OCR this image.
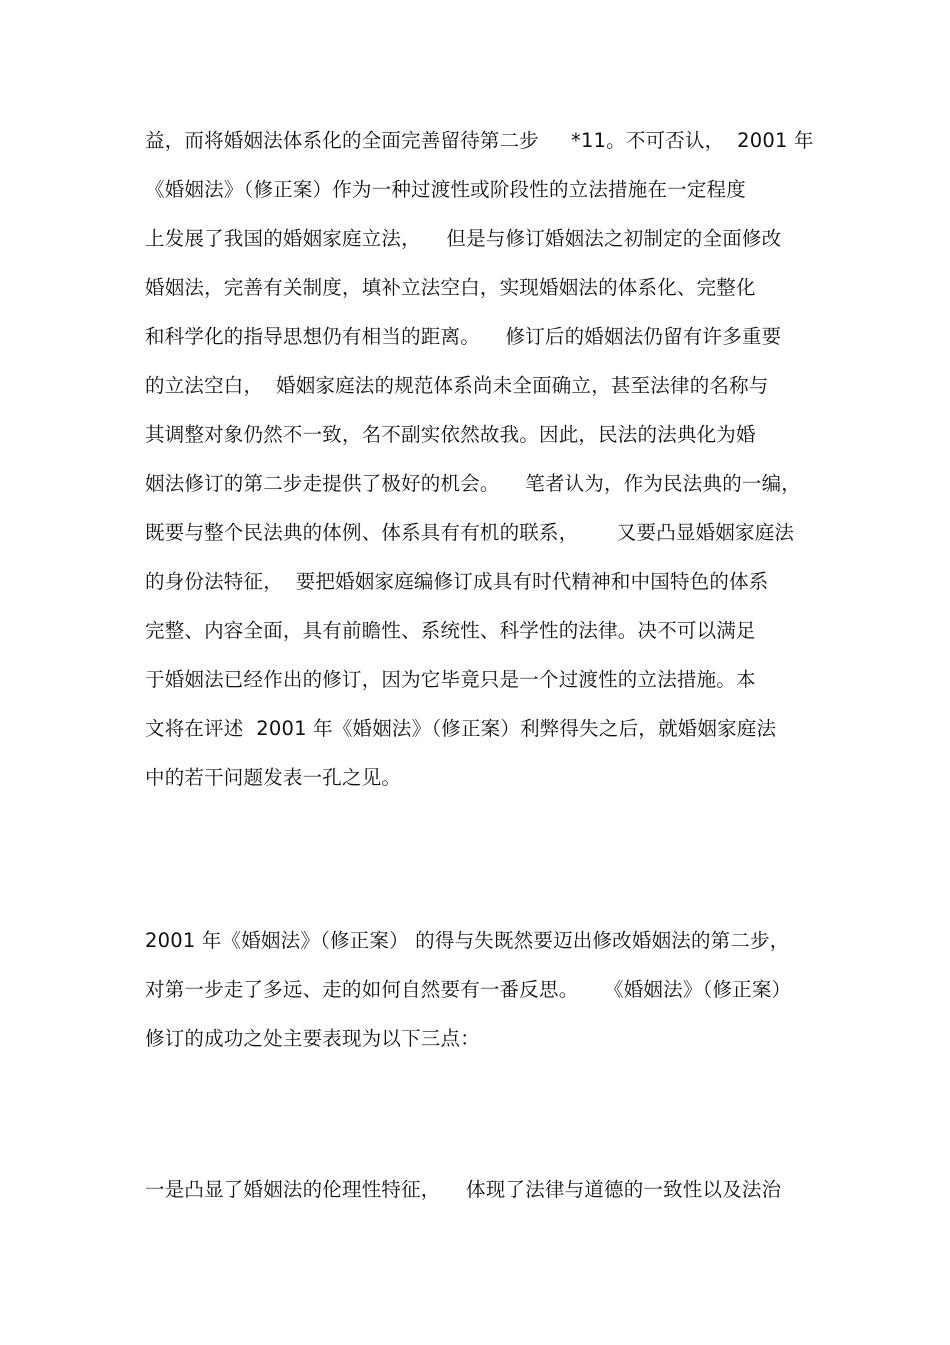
益，而将婚姻法体系化的全面完善留待第二步     *11。不可否认，  2001 年
《婚姻法》（修正案）作为一种过渡性或阶段性的立法措施在一定程度
上发展了我国的婚姻家庭立法，    但是与修订婚姻法之初制定的全面修改
婚姻法，完善有关制度，填补立法空白，实现婚姻法的体系化、完整化
和科学化的指导思想仍有相当的距离。    修订后的婚姻法仍留有许多重要
的立法空白，  婚姻家庭法的规范体系尚未全面确立，甚至法律的名称与
其调整对象仍然不一致，名不副实依然故我。因此，民法的法典化为婚
姻法修订的第二步走提供了极好的机会。    笔者认为，作为民法典的一编，
既要与整个民法典的体例、体系具有有机的联系，      又要凸显婚姻家庭法
的身份法特征，  要把婚姻家庭编修订成具有时代精神和中国特色的体系
完整、内容全面，具有前瞻性、系统性、科学性的法律。决不可以满足
于婚姻法已经作出的修订，因为它毕竟只是一个过渡性的立法措施。本
文将在评述  2001 年《婚姻法》（修正案）利弊得失之后，就婚姻家庭法
中的若干问题发表一孔之见。
2001 年《婚姻法》（修正案） 的得与失既然要迈出修改婚姻法的第二步，
对第一步走了多远、走的如何自然要有一番反思。    《婚姻法》（修正案）
修订的成功之处主要表现为以下三点：
一是凸显了婚姻法的伦理性特征，    体现了法律与道德的一致性以及法治
